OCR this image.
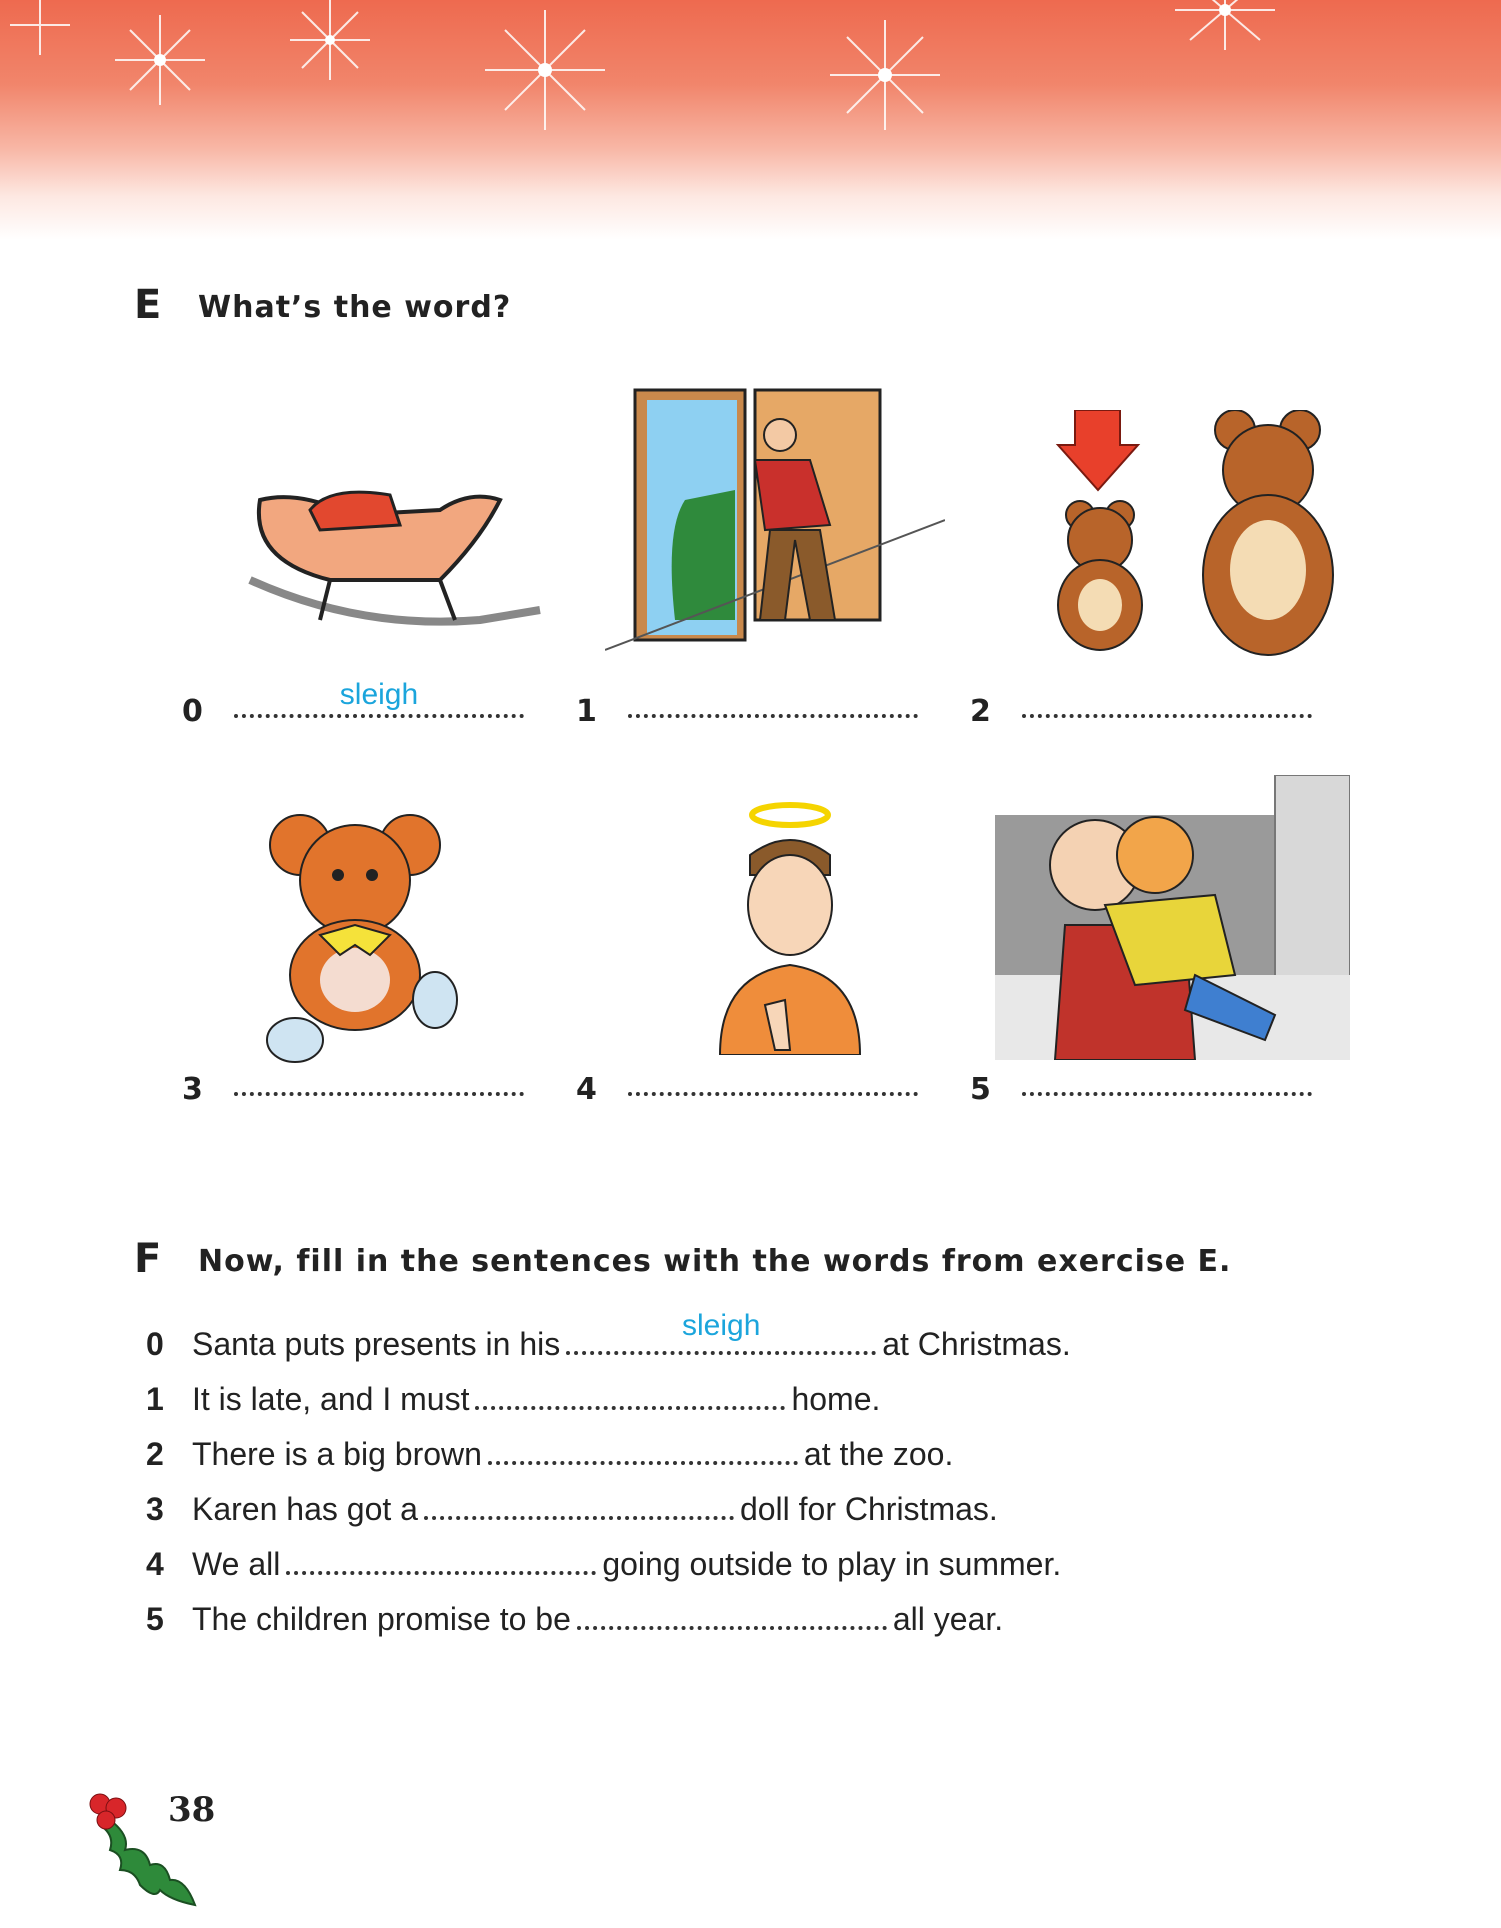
E What’s the word?
0	sleigh	1	2
3	4	5
F Now, fill in the sentences with the words from exercise E.
0 Santa puts presents in his
sleigh
at Christmas.
1 It is late, and I must	home.
2 There is a big brown	at the zoo.
3 Karen has got a	doll for Christmas.
4 We all	going outside to play in summer.
5 The children promise to be	all year.
38
